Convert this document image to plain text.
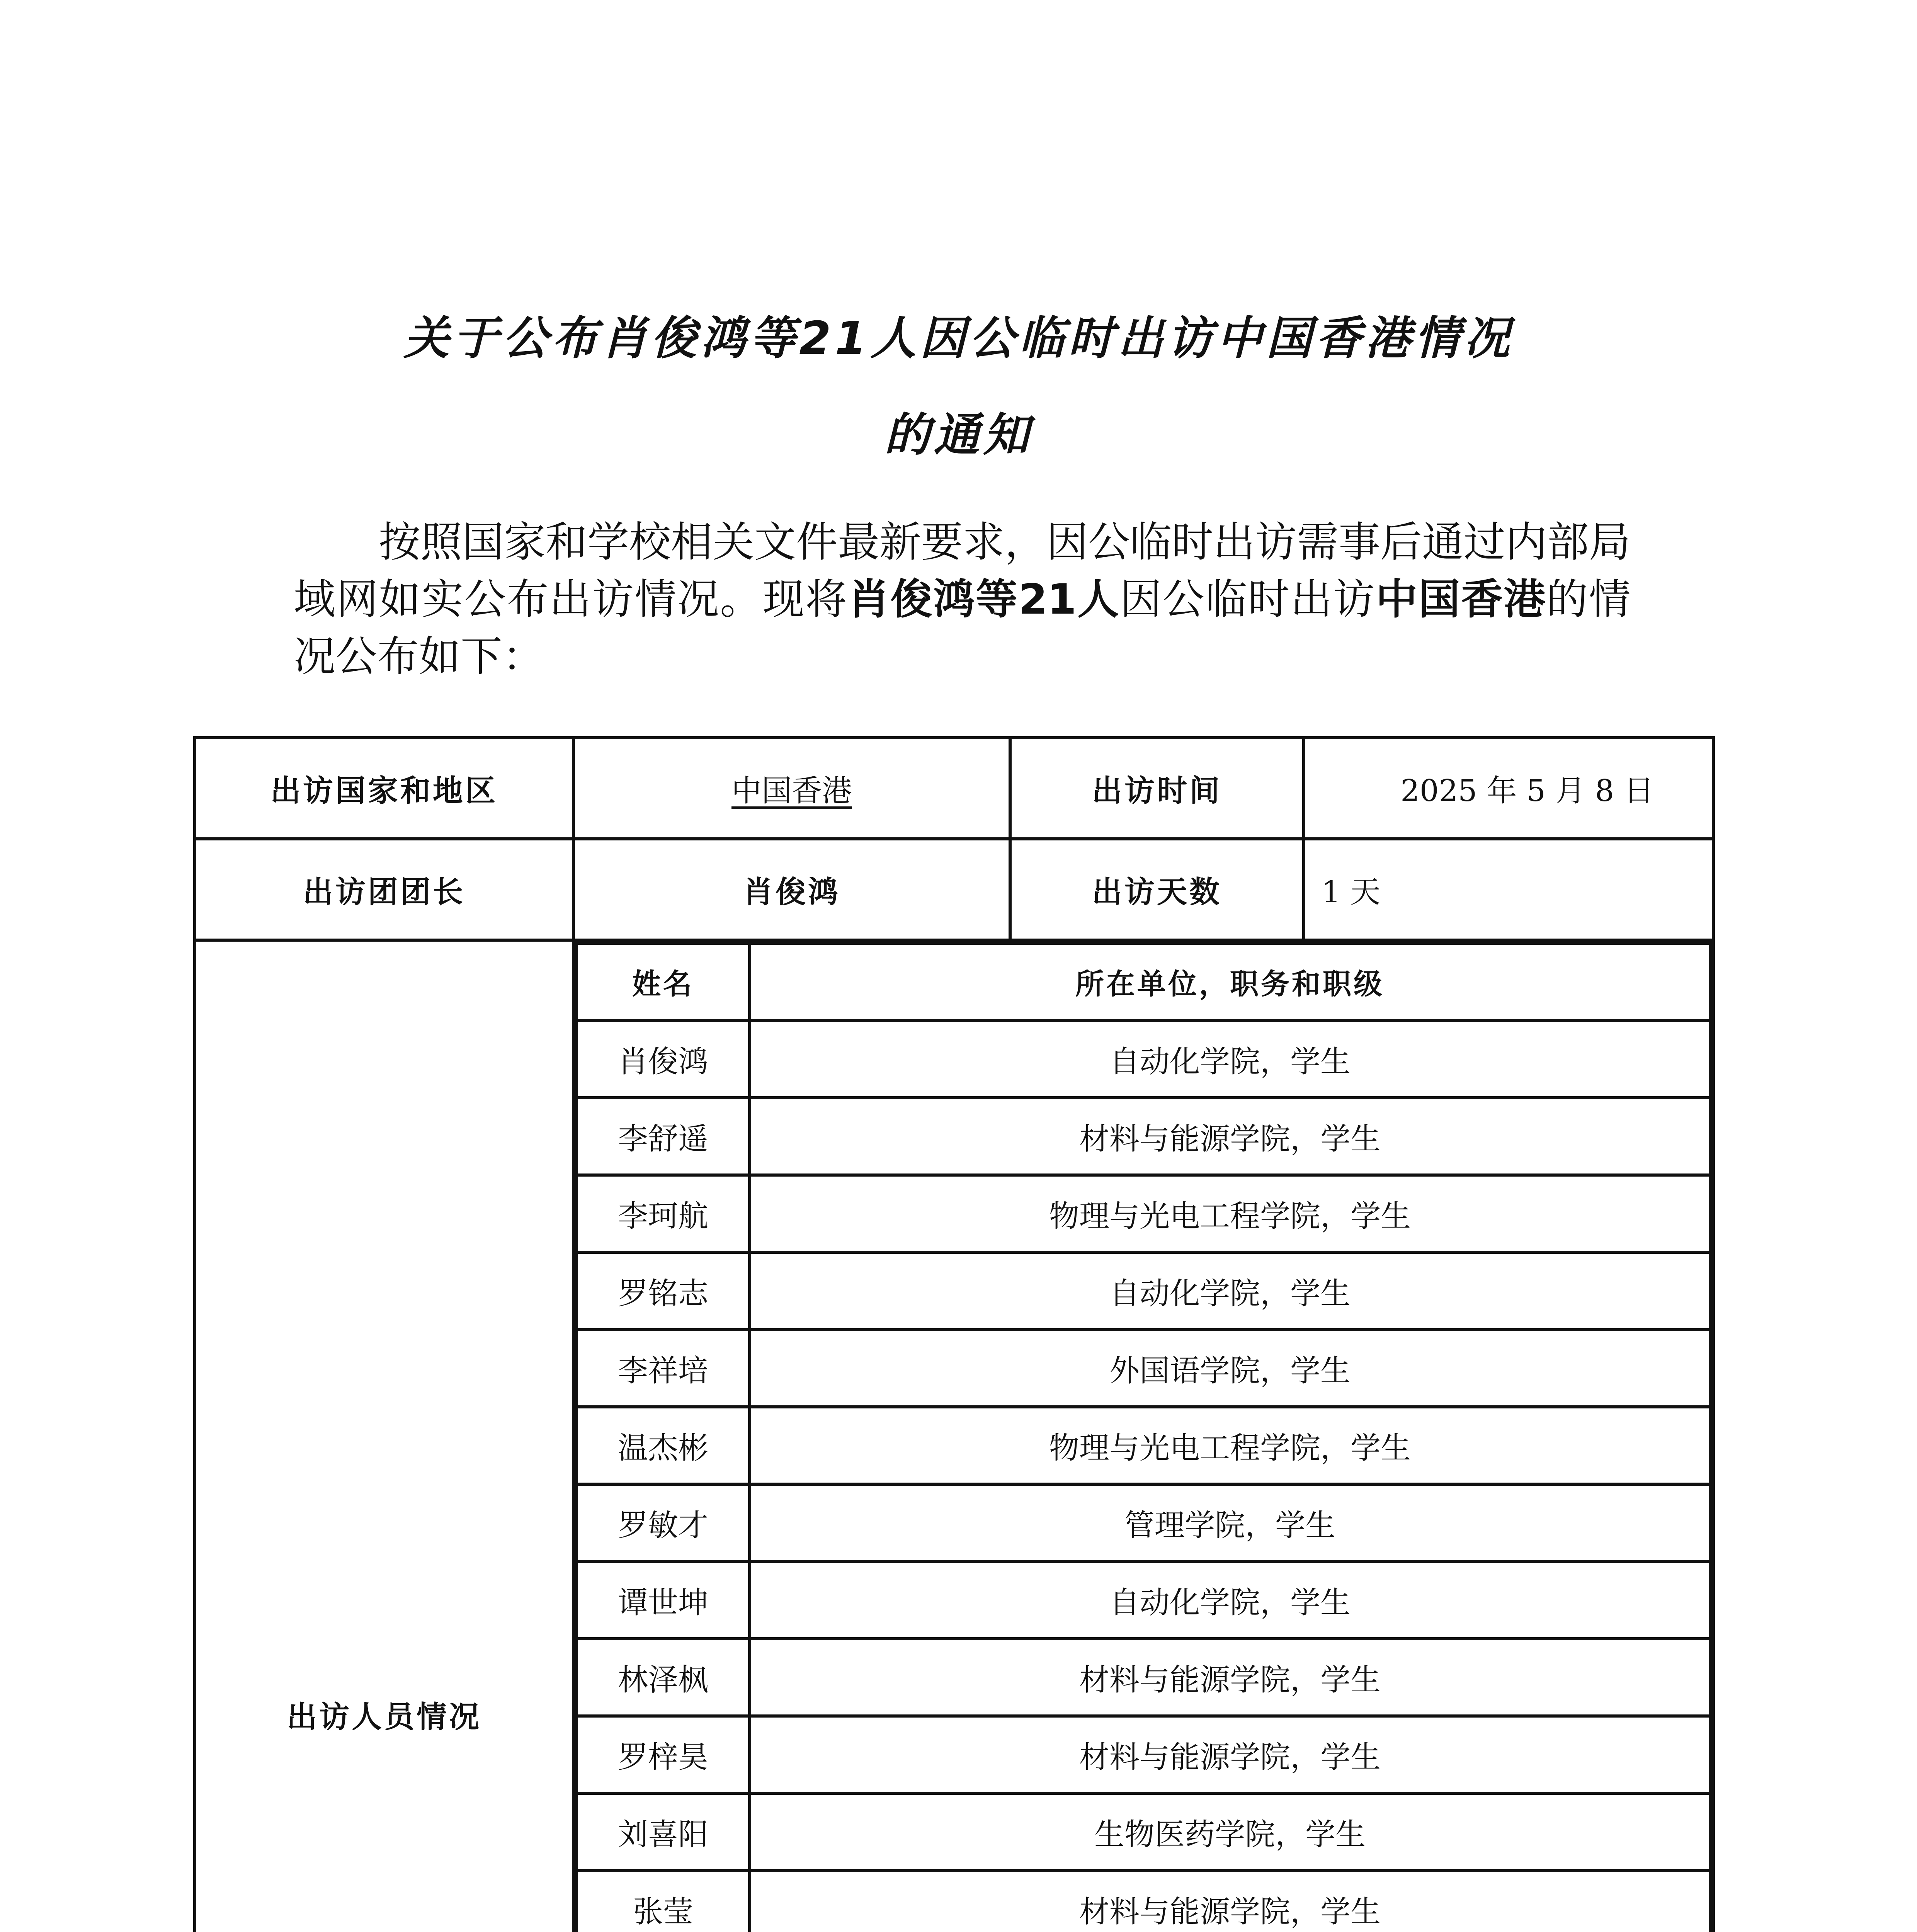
关于公布肖俊鸿等21人因公临时出访中国香港情况
的通知
按照国家和学校相关文件最新要求，因公临时出访需事后通过内部局域网如实公布出访情况。现将肖俊鸿等21人因公临时出访中国香港的情况公布如下：
出访国家和地区	中国香港	出访时间	2025 年 5 月 8 日
出访团团长	肖俊鸿	出访天数	1 天
出访人员情况	
姓名	所在单位，职务和职级
肖俊鸿	自动化学院，学生
李舒遥	材料与能源学院，学生
李珂航	物理与光电工程学院，学生
罗铭志	自动化学院，学生
李祥培	外国语学院，学生
温杰彬	物理与光电工程学院，学生
罗敏才	管理学院，学生
谭世坤	自动化学院，学生
林泽枫	材料与能源学院，学生
罗梓昊	材料与能源学院，学生
刘喜阳	生物医药学院，学生
张莹	材料与能源学院，学生
